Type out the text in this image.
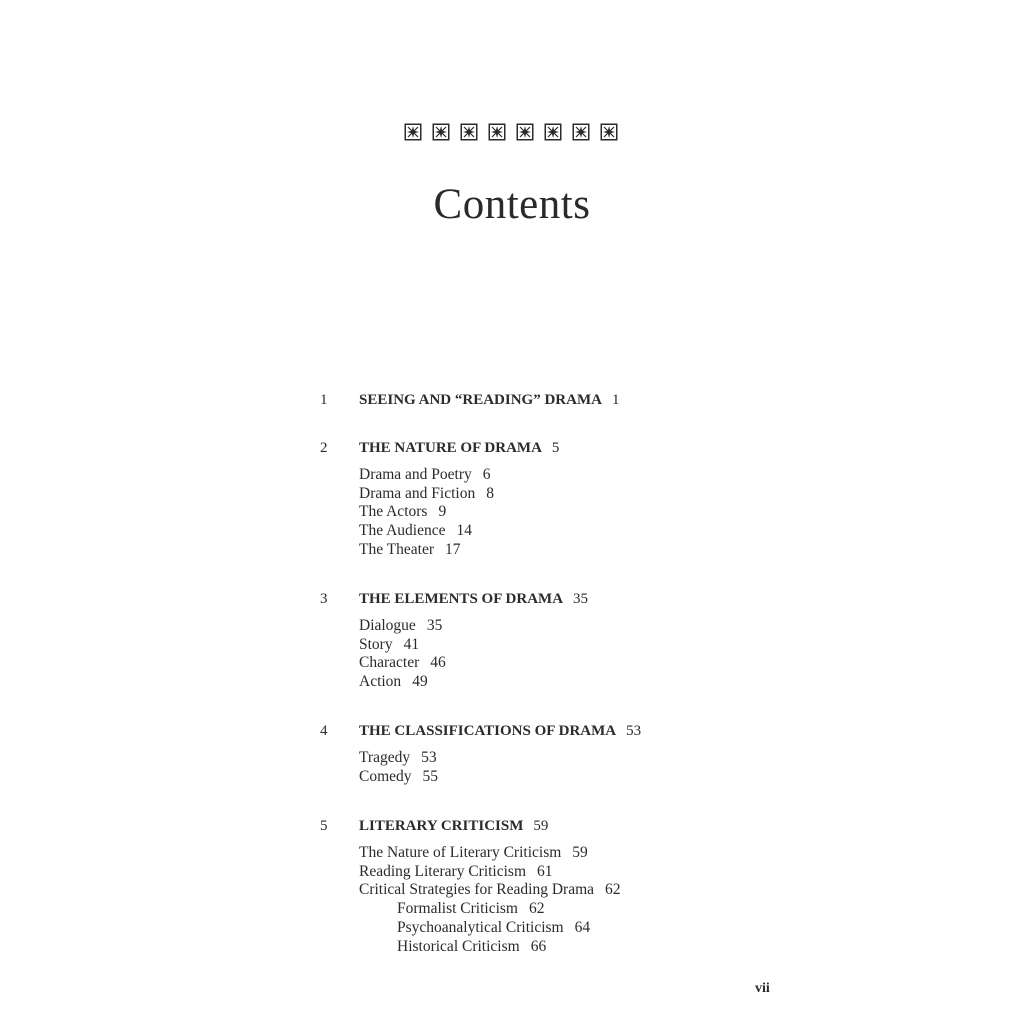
Contents
1 SEEING AND “READING” DRAMA 1
2 THE NATURE OF DRAMA 5
Drama and Poetry 6
Drama and Fiction 8
The Actors 9
The Audience 14
The Theater 17
3 THE ELEMENTS OF DRAMA 35
Dialogue 35
Story 41
Character 46
Action 49
4 THE CLASSIFICATIONS OF DRAMA 53
Tragedy 53
Comedy 55
5 LITERARY CRITICISM 59
The Nature of Literary Criticism 59
Reading Literary Criticism 61
Critical Strategies for Reading Drama 62
Formalist Criticism 62
Psychoanalytical Criticism 64
Historical Criticism 66
vii
